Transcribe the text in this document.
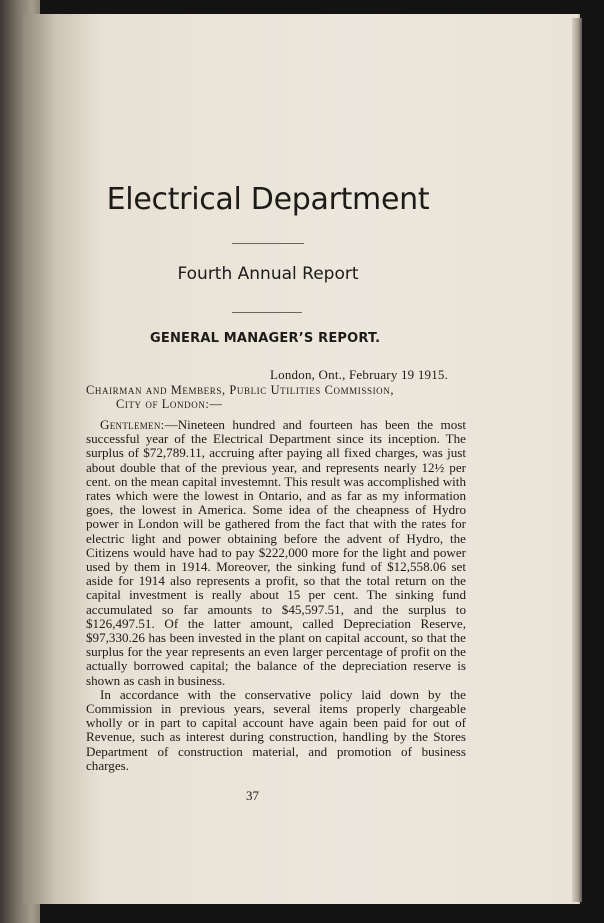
Electrical Department
Fourth Annual Report
GENERAL MANAGER’S REPORT.
London, Ont., February 19 1915.
Chairman and Members, Public Utilities Commission,
City of London:—

Gentlemen:—Nineteen hundred and fourteen has been the most successful year of the Electrical Department since its inception. The surplus of $72,789.11, accruing after paying all fixed charges, was just about double that of the previous year, and represents nearly 12½ per cent. on the mean capital investemnt. This result was accomplished with rates which were the lowest in Ontario, and as far as my information goes, the lowest in America. Some idea of the cheapness of Hydro power in London will be gathered from the fact that with the rates for electric light and power obtaining before the advent of Hydro, the Citizens would have had to pay $222,000 more for the light and power used by them in 1914. Moreover, the sinking fund of $12,558.06 set aside for 1914 also represents a profit, so that the total return on the capital investment is really about 15 per cent. The sinking fund accumulated so far amounts to $45,597.51, and the surplus to $126,497.51. Of the latter amount, called Depreciation Reserve, $97,330.26 has been invested in the plant on capital account, so that the surplus for the year represents an even larger percentage of profit on the actually borrowed capital; the balance of the depreciation reserve is shown as cash in business.

In accordance with the conservative policy laid down by the Commission in previous years, several items properly chargeable wholly or in part to capital account have again been paid for out of Revenue, such as interest during construction, handling by the Stores Department of construction material, and promotion of business charges.

37
